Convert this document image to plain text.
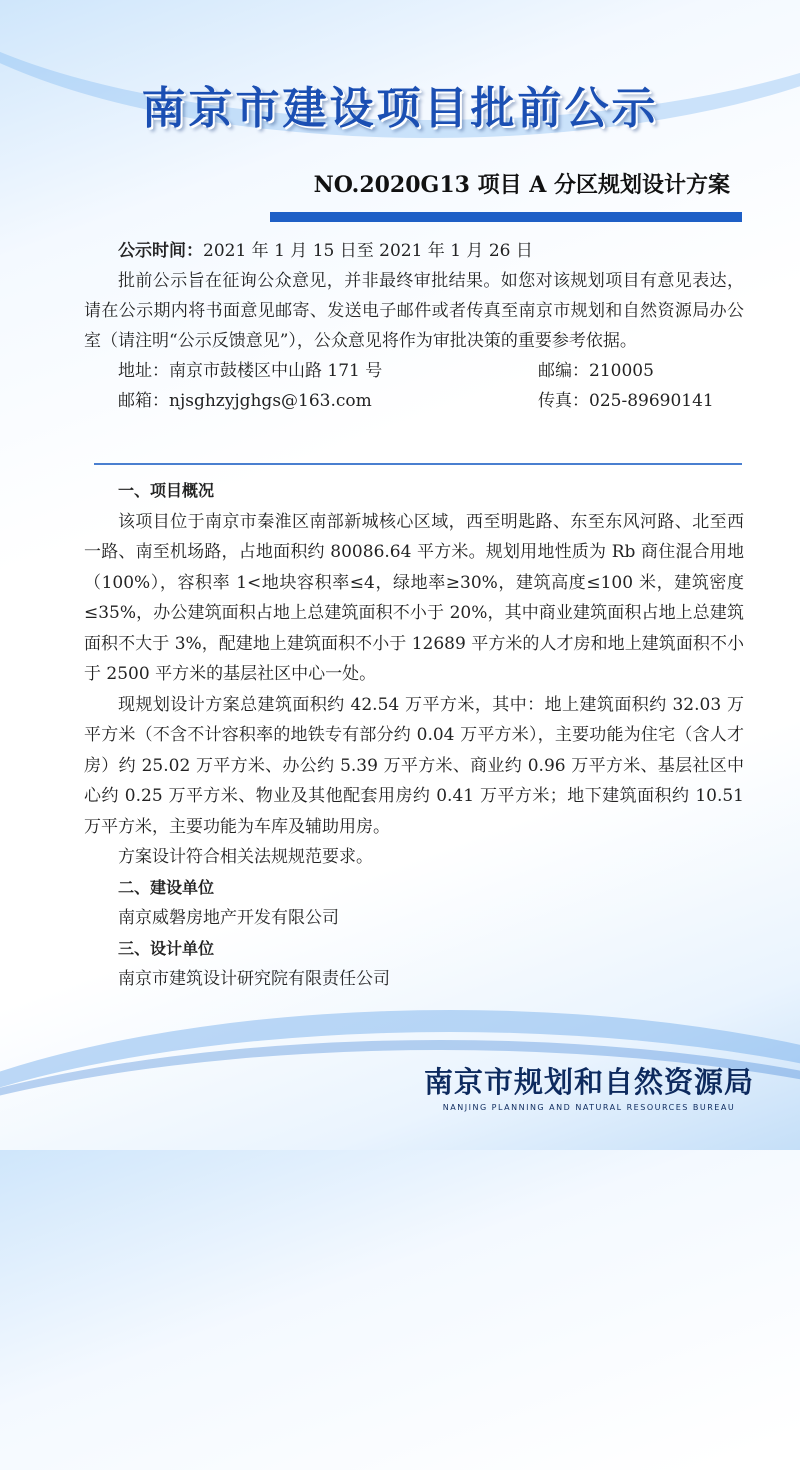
南京市建设项目批前公示
NO.2020G13 项目 A 分区规划设计方案
公示时间：2021 年 1 月 15 日至 2021 年 1 月 26 日

批前公示旨在征询公众意见，并非最终审批结果。如您对该规划项目有意见表达，请在公示期内将书面意见邮寄、发送电子邮件或者传真至南京市规划和自然资源局办公室（请注明“公示反馈意见”），公众意见将作为审批决策的重要参考依据。

地址：南京市鼓楼区中山路 171 号	邮编：210005
邮箱：njsghzyjghgs@163.com	传真：025-89690141
一、项目概况

该项目位于南京市秦淮区南部新城核心区域，西至明匙路、东至东风河路、北至西一路、南至机场路，占地面积约 80086.64 平方米。规划用地性质为 Rb 商住混合用地（100%），容积率 1<地块容积率≤4，绿地率≥30%，建筑高度≤100 米，建筑密度≤35%，办公建筑面积占地上总建筑面积不小于 20%，其中商业建筑面积占地上总建筑面积不大于 3%，配建地上建筑面积不小于 12689 平方米的人才房和地上建筑面积不小于 2500 平方米的基层社区中心一处。

现规划设计方案总建筑面积约 42.54 万平方米，其中：地上建筑面积约 32.03 万平方米（不含不计容积率的地铁专有部分约 0.04 万平方米），主要功能为住宅（含人才房）约 25.02 万平方米、办公约 5.39 万平方米、商业约 0.96 万平方米、基层社区中心约 0.25 万平方米、物业及其他配套用房约 0.41 万平方米；地下建筑面积约 10.51 万平方米，主要功能为车库及辅助用房。

方案设计符合相关法规规范要求。

二、建设单位
南京威磐房地产开发有限公司
三、设计单位
南京市建筑设计研究院有限责任公司
南京市规划和自然资源局
NANJING PLANNING AND NATURAL RESOURCES BUREAU
